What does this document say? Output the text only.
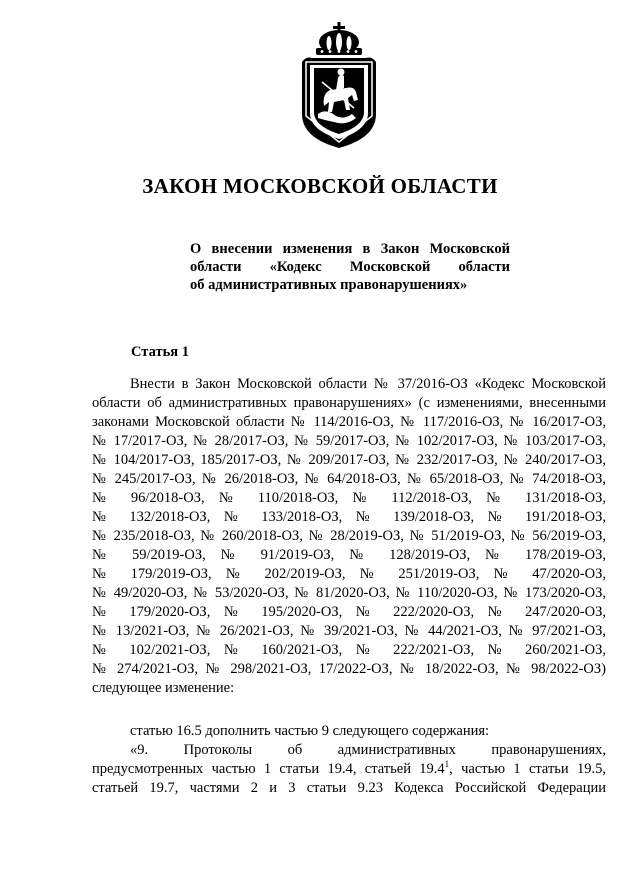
ЗАКОН МОСКОВСКОЙ ОБЛАСТИ
О внесении изменения в Закон Московской
области «Кодекс Московской области
об административных правонарушениях»
Статья 1
Внести в Закон Московской области № 37/2016-ОЗ «Кодекс Московской
области об административных правонарушениях» (с изменениями, внесенными
законами Московской области № 114/2016-ОЗ, № 117/2016-ОЗ, № 16/2017-ОЗ,
№ 17/2017-ОЗ, № 28/2017-ОЗ, № 59/2017-ОЗ, № 102/2017-ОЗ, № 103/2017-ОЗ,
№ 104/2017-ОЗ, 185/2017-ОЗ, № 209/2017-ОЗ, № 232/2017-ОЗ, № 240/2017-ОЗ,
№ 245/2017-ОЗ, № 26/2018-ОЗ, № 64/2018-ОЗ, № 65/2018-ОЗ, № 74/2018-ОЗ,
№ 96/2018-ОЗ, № 110/2018-ОЗ, № 112/2018-ОЗ, № 131/2018-ОЗ,
№ 132/2018-ОЗ, № 133/2018-ОЗ, № 139/2018-ОЗ, № 191/2018-ОЗ,
№ 235/2018-ОЗ, № 260/2018-ОЗ, № 28/2019-ОЗ, № 51/2019-ОЗ, № 56/2019-ОЗ,
№ 59/2019-ОЗ, № 91/2019-ОЗ, № 128/2019-ОЗ, № 178/2019-ОЗ,
№ 179/2019-ОЗ, № 202/2019-ОЗ, № 251/2019-ОЗ, № 47/2020-ОЗ,
№ 49/2020-ОЗ, № 53/2020-ОЗ, № 81/2020-ОЗ, № 110/2020-ОЗ, № 173/2020-ОЗ,
№ 179/2020-ОЗ, № 195/2020-ОЗ, № 222/2020-ОЗ, № 247/2020-ОЗ,
№ 13/2021-ОЗ, № 26/2021-ОЗ, № 39/2021-ОЗ, № 44/2021-ОЗ, № 97/2021-ОЗ,
№ 102/2021-ОЗ, № 160/2021-ОЗ, № 222/2021-ОЗ, № 260/2021-ОЗ,
№ 274/2021-ОЗ, № 298/2021-ОЗ, 17/2022-ОЗ, № 18/2022-ОЗ, № 98/2022-ОЗ)
следующее изменение:
статью 16.5 дополнить частью 9 следующего содержания:
«9. Протоколы об административных правонарушениях,
предусмотренных частью 1 статьи 19.4, статьей 19.4$^1$, частью 1 статьи 19.5,
статьей 19.7, частями 2 и 3 статьи 9.23 Кодекса Российской Федерации
